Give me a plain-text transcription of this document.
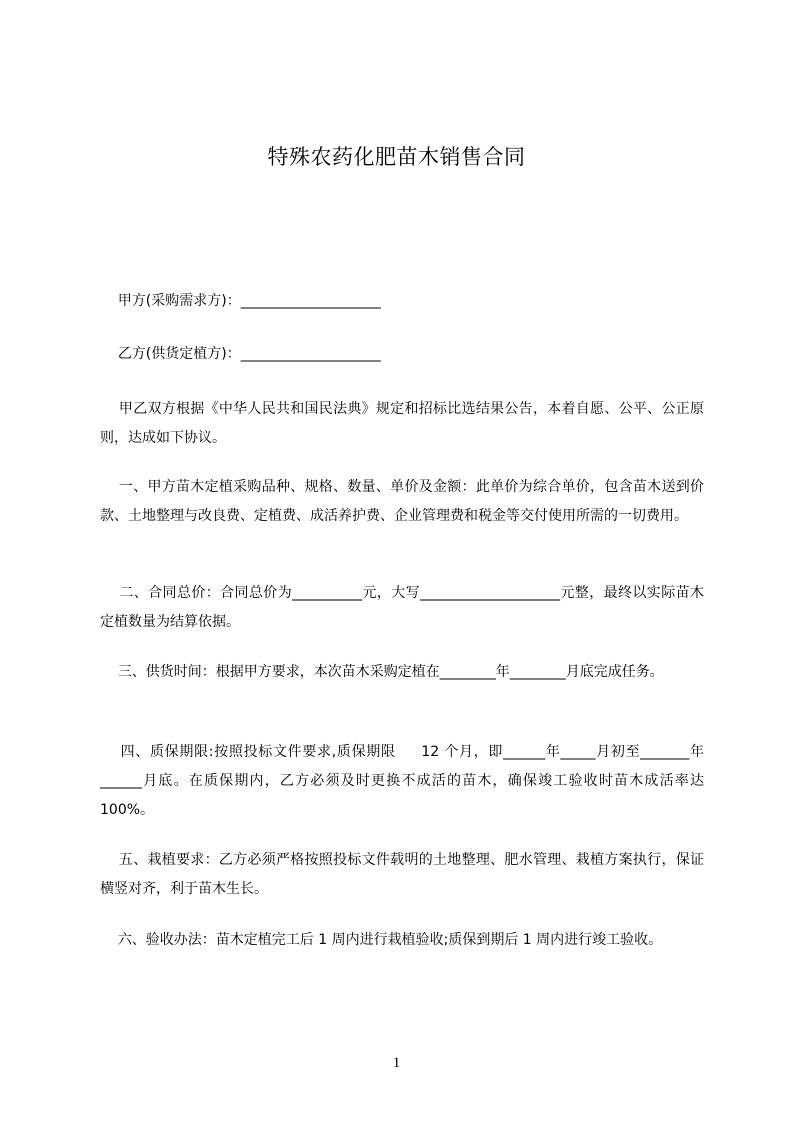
特殊农药化肥苗木销售合同

甲方(采购需求方)：____________________

乙方(供货定植方)：____________________

甲乙双方根据《中华人民共和国民法典》规定和招标比选结果公告，本着自愿、公平、公正原则，达成如下协议。

一、甲方苗木定植采购品种、规格、数量、单价及金额：此单价为综合单价，包含苗木送到价款、土地整理与改良费、定植费、成活养护费、企业管理费和税金等交付使用所需的一切费用。

二、合同总价：合同总价为__________元，大写____________________元整，最终以实际苗木定植数量为结算依据。

三、供货时间：根据甲方要求，本次苗木采购定植在________年________月底完成任务。

四、质保期限:按照投标文件要求,质保期限     12 个月，即______年_____月初至_______年______月底。在质保期内，乙方必须及时更换不成活的苗木，确保竣工验收时苗木成活率达 100%。

五、栽植要求：乙方必须严格按照投标文件载明的土地整理、肥水管理、栽植方案执行，保证横竖对齐，利于苗木生长。

六、验收办法：苗木定植完工后 1 周内进行栽植验收;质保到期后 1 周内进行竣工验收。

1
